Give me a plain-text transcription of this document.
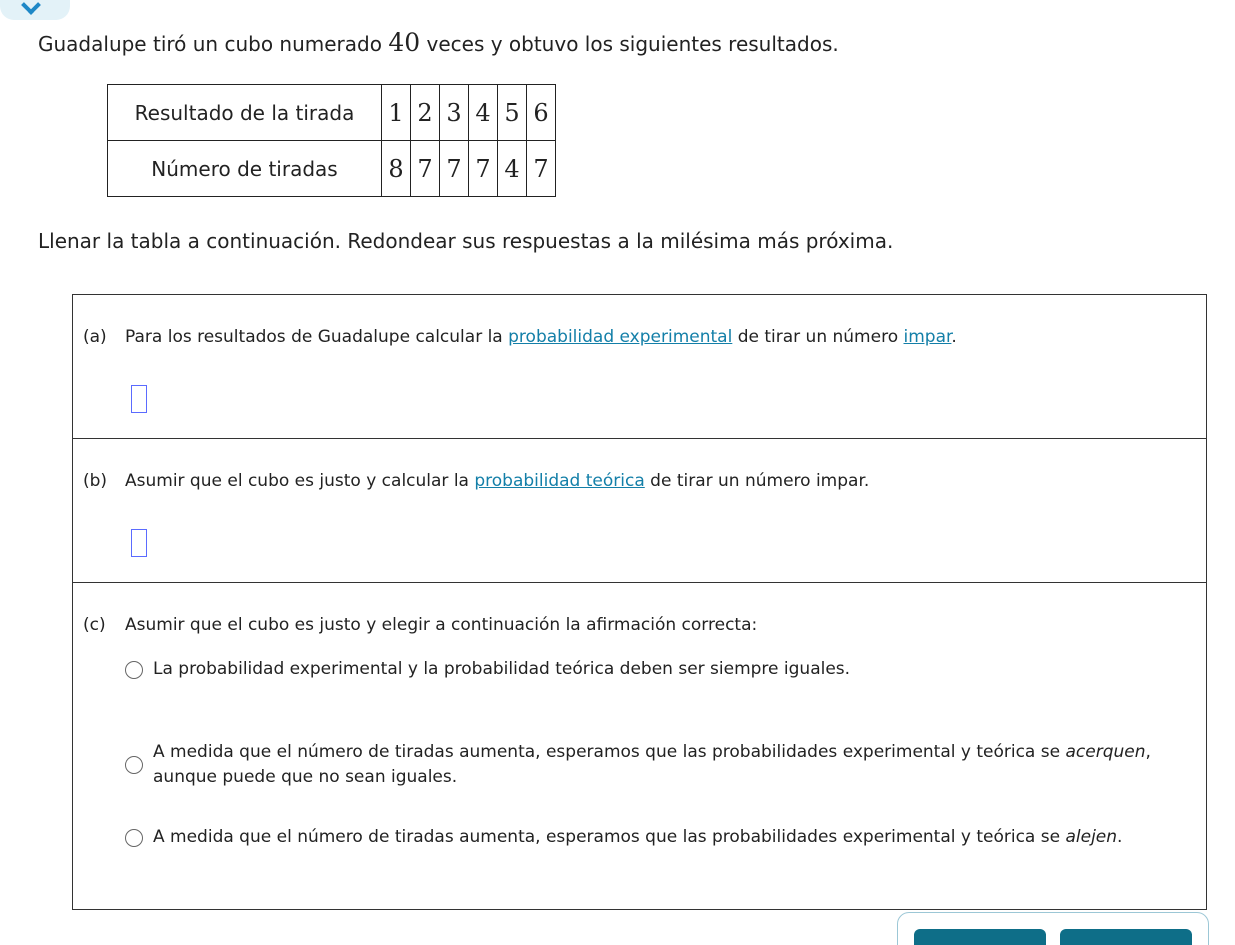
Guadalupe tiró un cubo numerado 40 veces y obtuvo los siguientes resultados.
Resultado de la tirada	1	2	3	4	5	6
Número de tiradas	8	7	7	7	4	7
Llenar la tabla a continuación. Redondear sus respuestas a la milésima más próxima.
(a) Para los resultados de Guadalupe calcular la probabilidad experimental de tirar un número impar.
(b) Asumir que el cubo es justo y calcular la probabilidad teórica de tirar un número impar.
(c) Asumir que el cubo es justo y elegir a continuación la afirmación correcta:
La probabilidad experimental y la probabilidad teórica deben ser siempre iguales.
A medida que el número de tiradas aumenta, esperamos que las probabilidades experimental y teórica se acerquen, aunque puede que no sean iguales.
A medida que el número de tiradas aumenta, esperamos que las probabilidades experimental y teórica se alejen.
